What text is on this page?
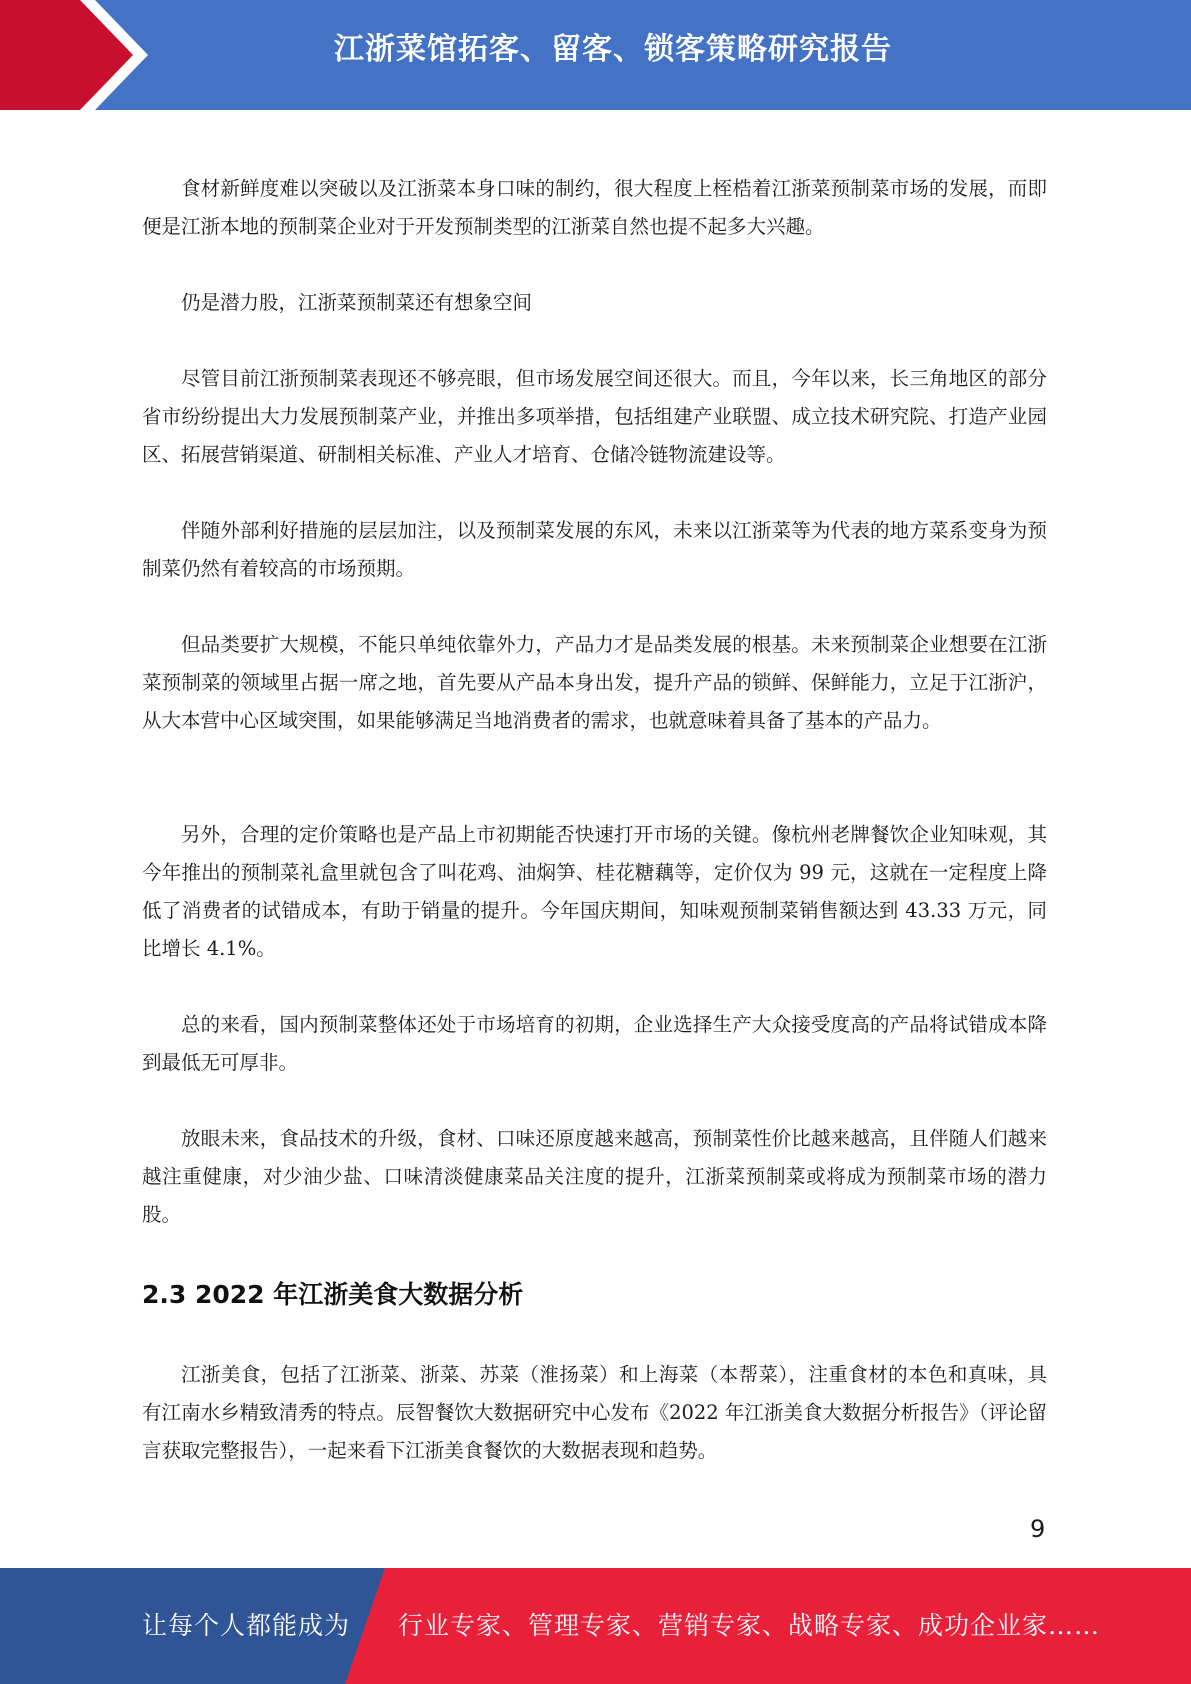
江浙菜馆拓客、留客、锁客策略研究报告

食材新鲜度难以突破以及江浙菜本身口味的制约，很大程度上桎梏着江浙菜预制菜市场的发展，而即便是江浙本地的预制菜企业对于开发预制类型的江浙菜自然也提不起多大兴趣。

仍是潜力股，江浙菜预制菜还有想象空间

尽管目前江浙预制菜表现还不够亮眼，但市场发展空间还很大。而且，今年以来，长三角地区的部分省市纷纷提出大力发展预制菜产业，并推出多项举措，包括组建产业联盟、成立技术研究院、打造产业园区、拓展营销渠道、研制相关标准、产业人才培育、仓储冷链物流建设等。

伴随外部利好措施的层层加注，以及预制菜发展的东风，未来以江浙菜等为代表的地方菜系变身为预制菜仍然有着较高的市场预期。

但品类要扩大规模，不能只单纯依靠外力，产品力才是品类发展的根基。未来预制菜企业想要在江浙菜预制菜的领域里占据一席之地，首先要从产品本身出发，提升产品的锁鲜、保鲜能力，立足于江浙沪，从大本营中心区域突围，如果能够满足当地消费者的需求，也就意味着具备了基本的产品力。

另外，合理的定价策略也是产品上市初期能否快速打开市场的关键。像杭州老牌餐饮企业知味观，其今年推出的预制菜礼盒里就包含了叫花鸡、油焖笋、桂花糖藕等，定价仅为 99 元，这就在一定程度上降低了消费者的试错成本，有助于销量的提升。今年国庆期间，知味观预制菜销售额达到 43.33 万元，同比增长 4.1%。

总的来看，国内预制菜整体还处于市场培育的初期，企业选择生产大众接受度高的产品将试错成本降到最低无可厚非。

放眼未来，食品技术的升级，食材、口味还原度越来越高，预制菜性价比越来越高，且伴随人们越来越注重健康，对少油少盐、口味清淡健康菜品关注度的提升，江浙菜预制菜或将成为预制菜市场的潜力股。

2.3 2022 年江浙美食大数据分析

江浙美食，包括了江浙菜、浙菜、苏菜（淮扬菜）和上海菜（本帮菜），注重食材的本色和真味，具有江南水乡精致清秀的特点。辰智餐饮大数据研究中心发布《2022 年江浙美食大数据分析报告》（评论留言获取完整报告），一起来看下江浙美食餐饮的大数据表现和趋势。

9
让每个人都能成为 行业专家、管理专家、营销专家、战略专家、成功企业家……
